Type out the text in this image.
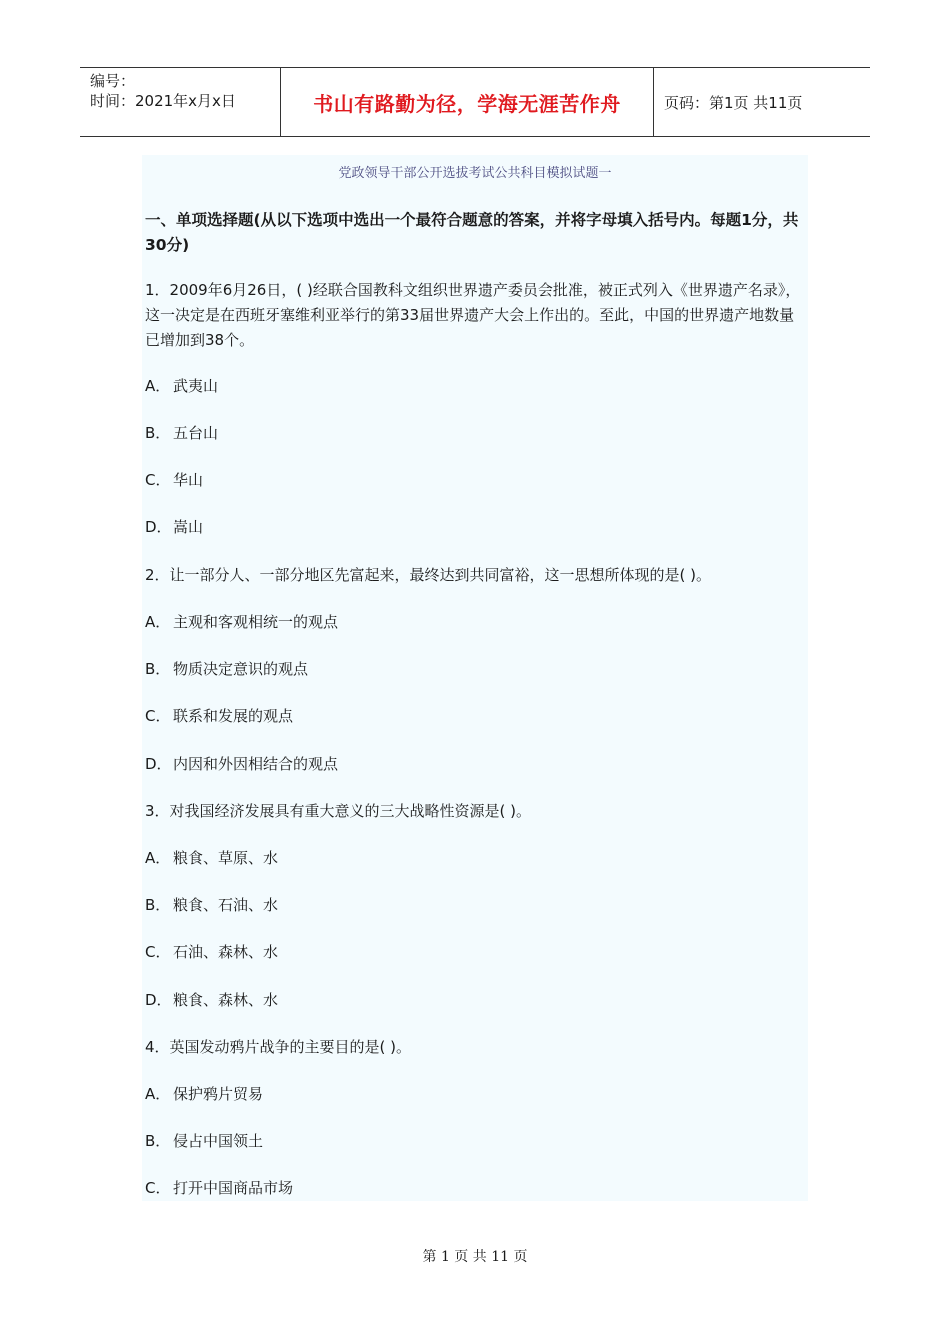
编号：
时间：2021年x月x日	书山有路勤为径，学海无涯苦作舟	页码：第1页 共11页
党政领导干部公开选拔考试公共科目模拟试题一
一、单项选择题(从以下选项中选出一个最符合题意的答案，并将字母填入括号内。每题1分，共30分)
1．2009年6月26日，( )经联合国教科文组织世界遗产委员会批准，被正式列入《世界遗产名录》，这一决定是在西班牙塞维利亚举行的第33届世界遗产大会上作出的。至此，中国的世界遗产地数量已增加到38个。
A． 武夷山
B． 五台山
C． 华山
D．嵩山
2．让一部分人、一部分地区先富起来，最终达到共同富裕，这一思想所体现的是( )。
A． 主观和客观相统一的观点
B． 物质决定意识的观点
C． 联系和发展的观点
D．内因和外因相结合的观点
3．对我国经济发展具有重大意义的三大战略性资源是( )。
A． 粮食、草原、水
B． 粮食、石油、水
C． 石油、森林、水
D．粮食、森林、水
4．英国发动鸦片战争的主要目的是( )。
A． 保护鸦片贸易
B． 侵占中国领土
C． 打开中国商品市场
第 1 页 共 11 页
